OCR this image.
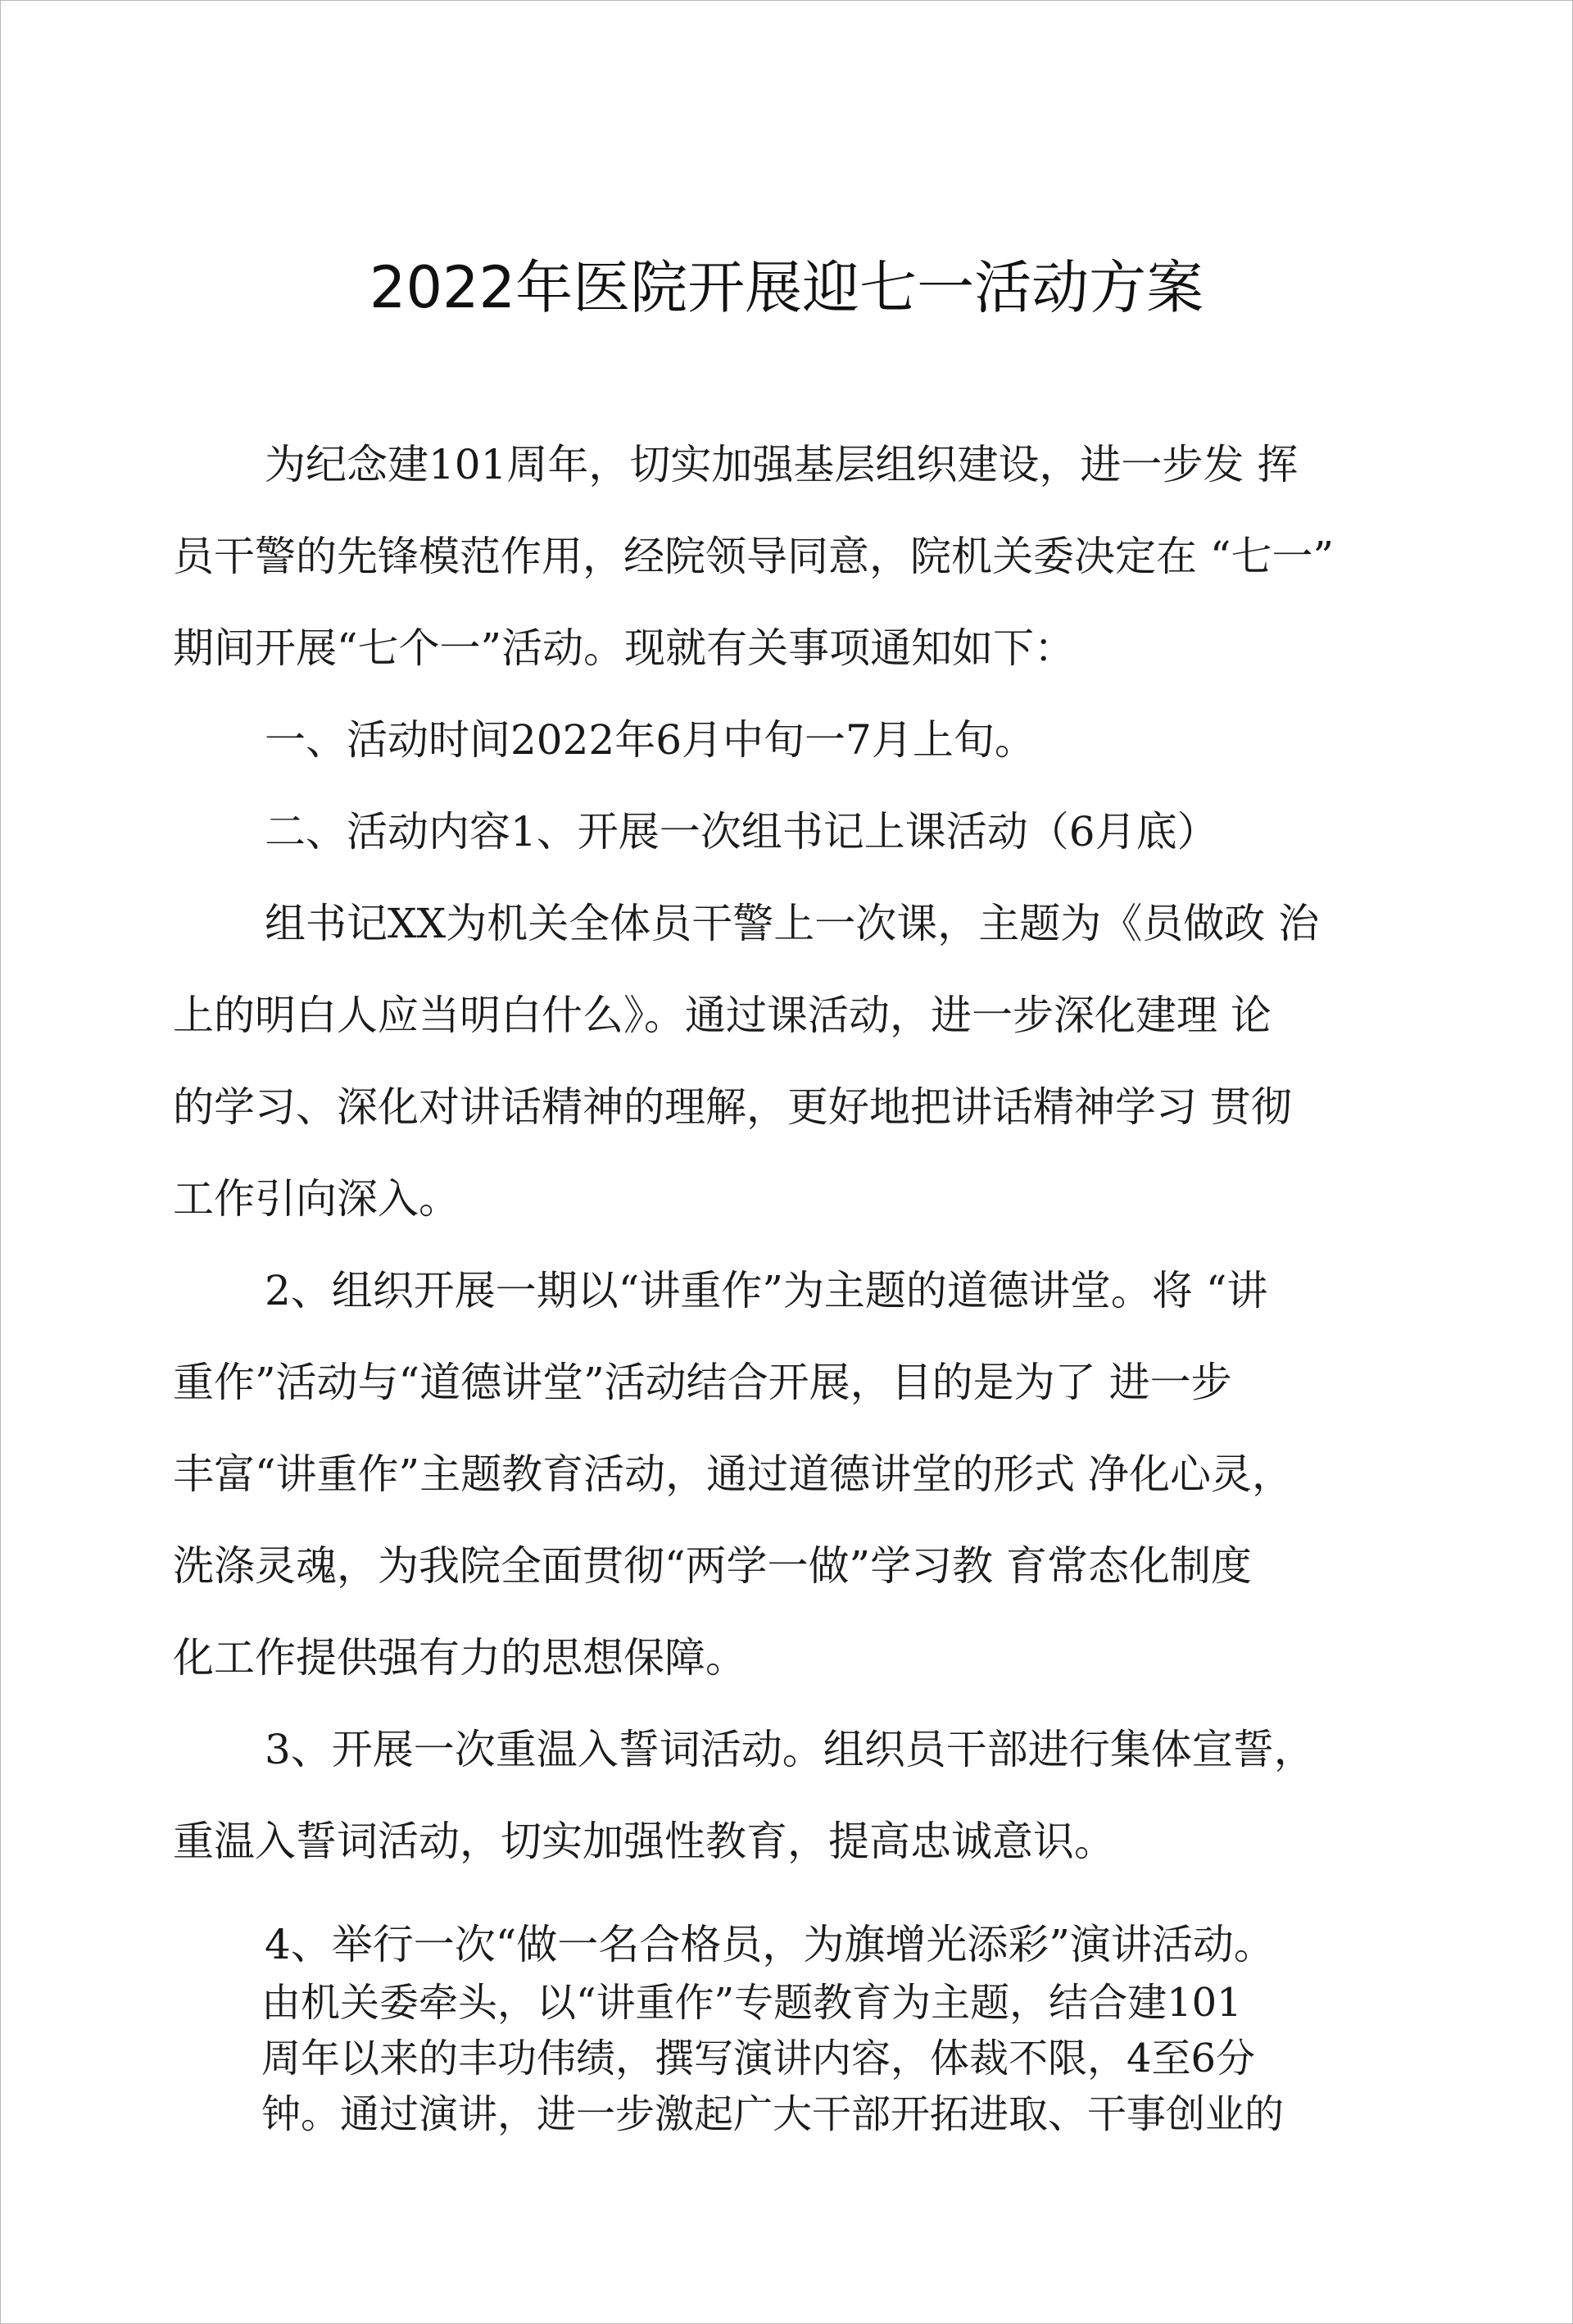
2022年医院开展迎七一活动方案
为纪念建101周年，切实加强基层组织建设，进一步发 挥
员干警的先锋模范作用，经院领导同意，院机关委决定在 “七一”
期间开展“七个一”活动。现就有关事项通知如下：
一、活动时间2022年6月中旬一7月上旬。
二、活动内容1、开展一次组书记上课活动（6月底）
组书记XX为机关全体员干警上一次课，主题为《员做政 治
上的明白人应当明白什么》。通过课活动，进一步深化建理 论
的学习、深化对讲话精神的理解，更好地把讲话精神学习 贯彻
工作引向深入。
2、组织开展一期以“讲重作”为主题的道德讲堂。将 “讲
重作”活动与“道德讲堂”活动结合开展，目的是为了 进一步
丰富“讲重作”主题教育活动，通过道德讲堂的形式 净化心灵，
洗涤灵魂，为我院全面贯彻“两学一做”学习教 育常态化制度
化工作提供强有力的思想保障。
3、开展一次重温入誓词活动。组织员干部进行集体宣誓，
重温入誓词活动，切实加强性教育，提高忠诚意识。
4、举行一次“做一名合格员，为旗增光添彩”演讲活动。
由机关委牵头，以“讲重作”专题教育为主题，结合建101
周年以来的丰功伟绩，撰写演讲内容，体裁不限，4至6分
钟。通过演讲，进一步激起广大干部开拓进取、干事创业的
